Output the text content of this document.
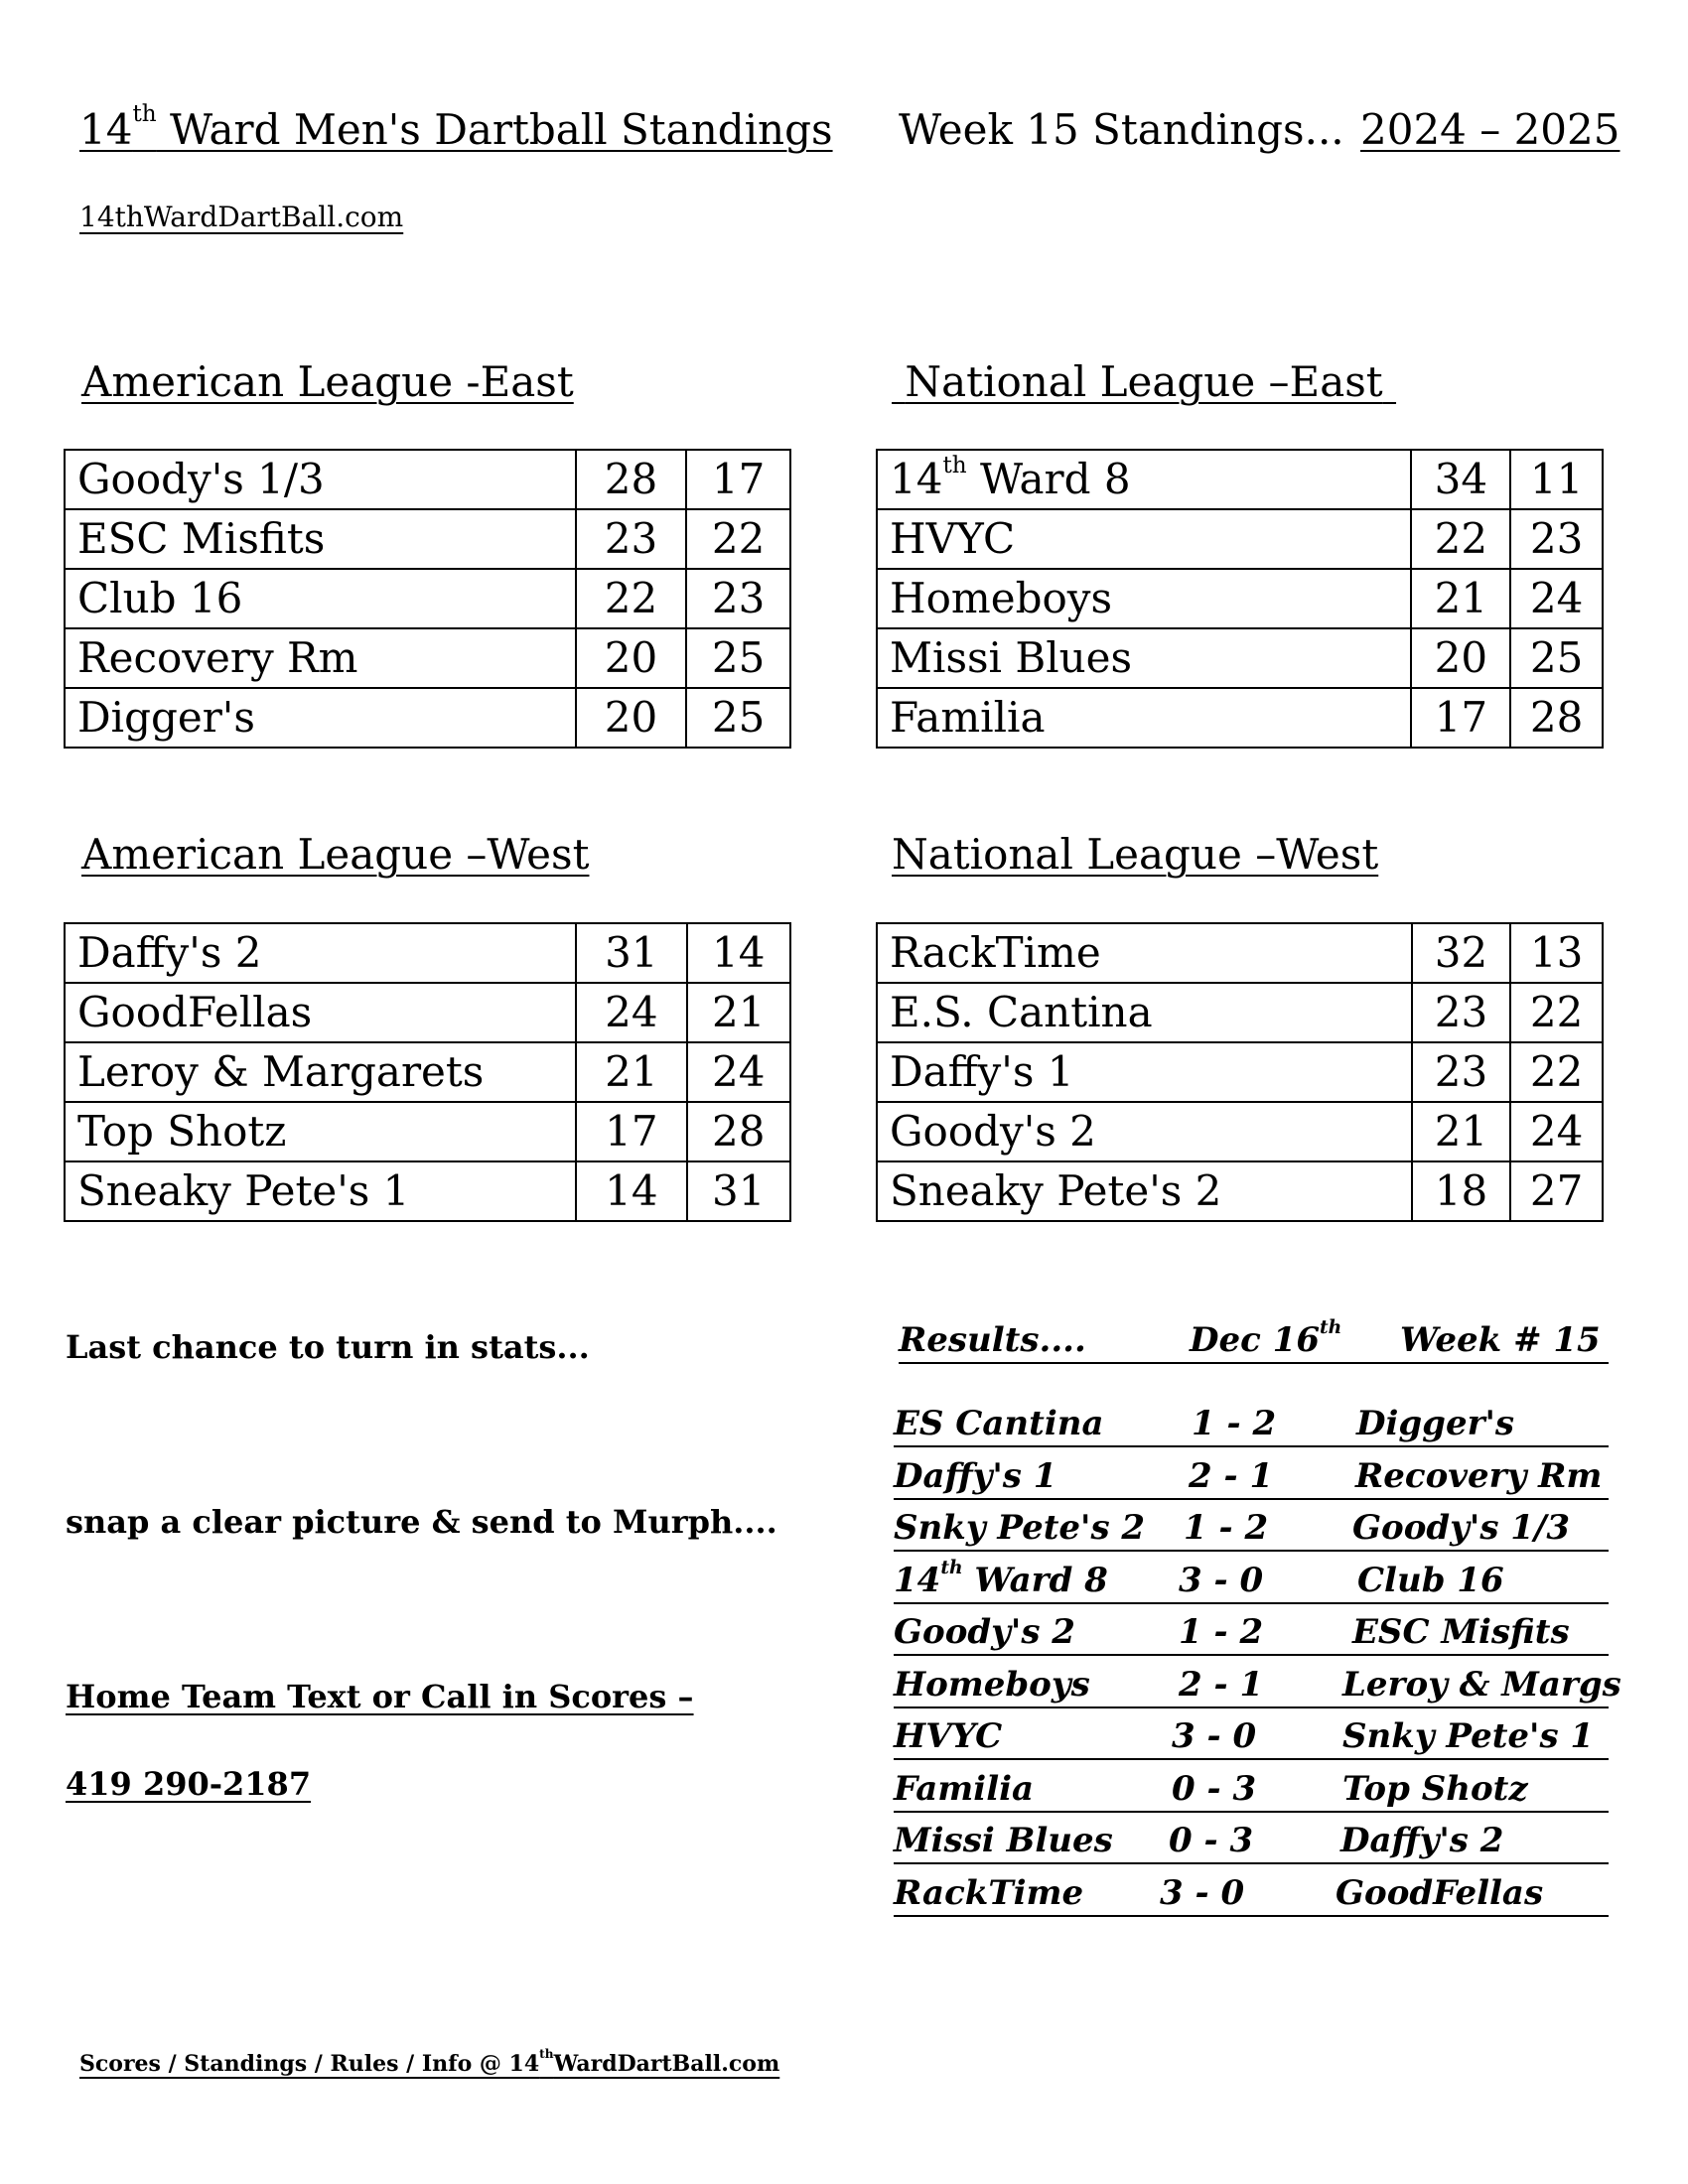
14th Ward Men's Dartball Standings Week 15 Standings... 2024 – 2025
14thWardDartBall.com
American League -East	National League –East
American League –West	National League –West
Goody's 1/3	28	17
ESC Misfits	23	22
Club 16	22	23
Recovery Rm	20	25
Digger's	20	25
14th Ward 8	34	11
HVYC	22	23
Homeboys	21	24
Missi Blues	20	25
Familia	17	28
Daffy's 2	31	14
GoodFellas	24	21
Leroy & Margarets	21	24
Top Shotz	17	28
Sneaky Pete's 1	14	31
RackTime	32	13
E.S. Cantina	23	22
Daffy's 1	23	22
Goody's 2	21	24
Sneaky Pete's 2	18	27
Last chance to turn in stats...
snap a clear picture & send to Murph....
Home Team Text or Call in Scores –
419 290-2187
Results....	Dec 16th Week # 15
ES Cantina	1 - 2 Digger's
Daffy's 1	2 - 1 Recovery Rm
Snky Pete's 2 1 - 2 Goody's 1/3
14th Ward 8 3 - 0	Club 16
Goody's 2	1 - 2	ESC Misfits
Homeboys	2 - 1 Leroy & Margs
HVYC	3 - 0	Snky Pete's 1
Familia	0 - 3	Top Shotz
Missi Blues 0 - 3	Daffy's 2
RackTime 3 - 0	GoodFellas
Scores / Standings / Rules / Info @ 14thWardDartBall.com
